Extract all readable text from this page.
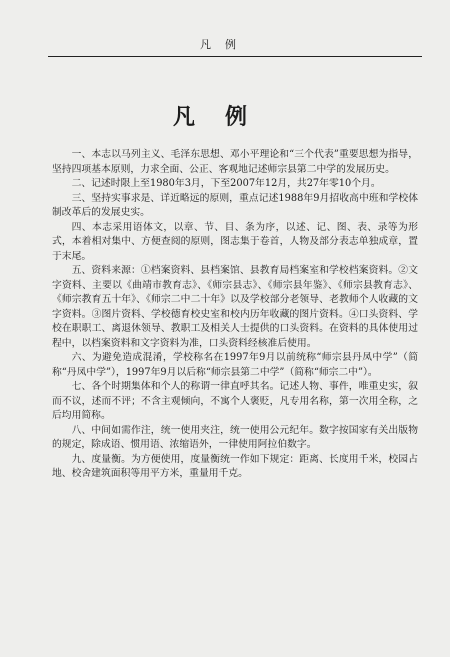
凡例
凡例

一、本志以马列主义、毛泽东思想、邓小平理论和“三个代表”重要思想为指导，坚持四项基本原则，力求全面、公正、客观地记述师宗县第二中学的发展历史。

二、记述时限上至1980年3月，下至2007年12月，共27年零10个月。

三、坚持实事求是、详近略远的原则，重点记述1988年9月招收高中班和学校体制改革后的发展史实。

四、本志采用语体文，以章、节、目、条为序，以述、记、图、表、录等为形式，本着相对集中、方便查阅的原则，图志集于卷首，人物及部分表志单独成章，置于末尾。

五、资料来源：①档案资料、县档案馆、县教育局档案室和学校档案资料。②文字资料、主要以《曲靖市教育志》、《师宗县志》、《师宗县年鉴》、《师宗县教育志》、《师宗教育五十年》、《师宗二中二十年》以及学校部分老领导、老教师个人收藏的文字资料。③图片资料、学校德育校史室和校内历年收藏的图片资料。④口头资料、学校在职职工、离退休领导、教职工及相关人士提供的口头资料。在资料的具体使用过程中，以档案资料和文字资料为准，口头资料经核准后使用。

六、为避免造成混淆，学校称名在1997年9月以前统称“师宗县丹凤中学”（简称“丹凤中学”），1997年9月以后称“师宗县第二中学”（简称“师宗二中”）。

七、各个时期集体和个人的称谓一律直呼其名。记述人物、事件，唯重史实，叙而不议，述而不评；不含主观倾向，不寓个人褒贬，凡专用名称，第一次用全称，之后均用简称。

八、中间如需作注，统一使用夹注，统一使用公元纪年。数字按国家有关出版物的规定，除成语、惯用语、浓缩语外，一律使用阿拉伯数字。

九、度量衡。为方便使用，度量衡统一作如下规定：距离、长度用千米，校园占地、校舍建筑面积等用平方米，重量用千克。
